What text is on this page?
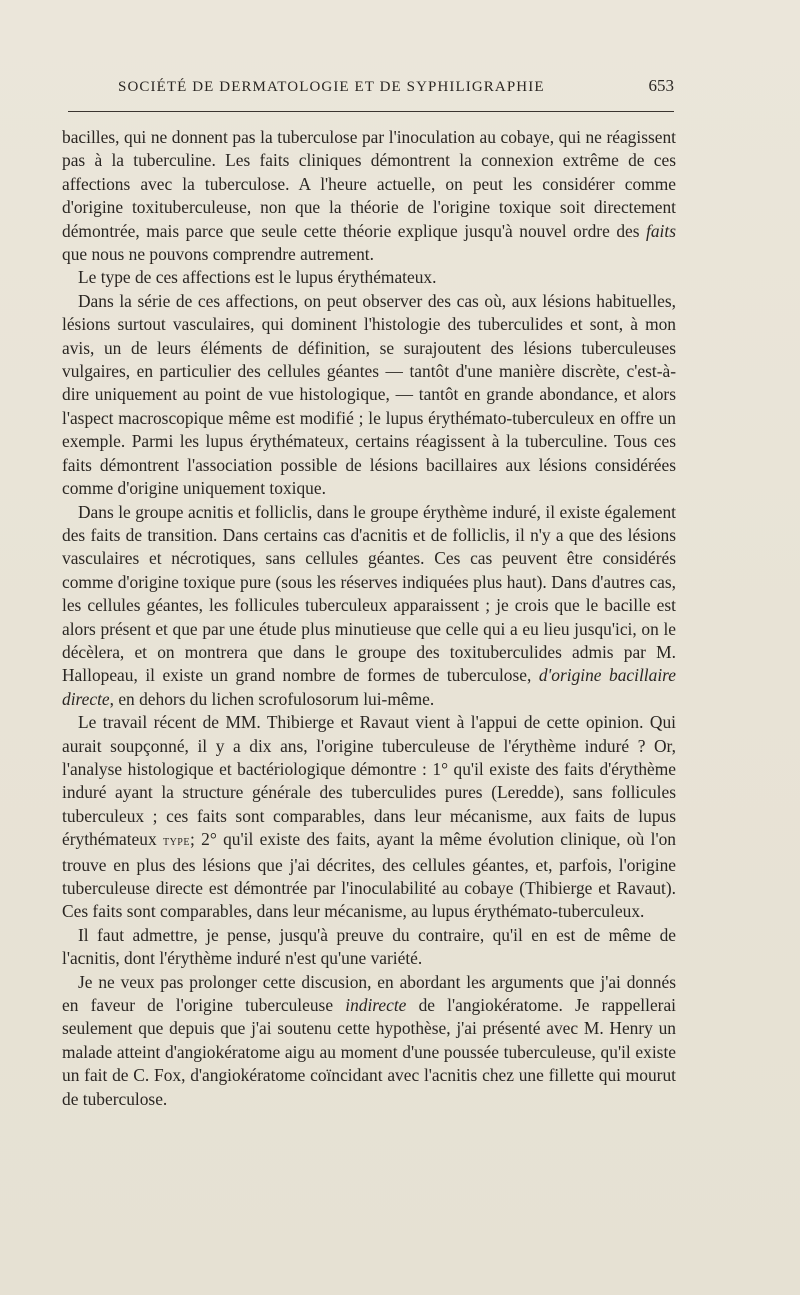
SOCIÉTÉ DE DERMATOLOGIE ET DE SYPHILIGRAPHIE	653

bacilles, qui ne donnent pas la tuberculose par l'inoculation au cobaye, qui ne réagissent pas à la tuberculine. Les faits cliniques démontrent la connexion extrême de ces affections avec la tuberculose. A l'heure actuelle, on peut les considérer comme d'origine toxituberculeuse, non que la théorie de l'origine toxique soit directement démontrée, mais parce que seule cette théorie explique jusqu'à nouvel ordre des faits que nous ne pouvons comprendre autrement.

Le type de ces affections est le lupus érythémateux.

Dans la série de ces affections, on peut observer des cas où, aux lésions habituelles, lésions surtout vasculaires, qui dominent l'histologie des tuberculides et sont, à mon avis, un de leurs éléments de définition, se surajoutent des lésions tuberculeuses vulgaires, en particulier des cellules géantes — tantôt d'une manière discrète, c'est-à-dire uniquement au point de vue histologique, — tantôt en grande abondance, et alors l'aspect macroscopique même est modifié ; le lupus érythémato-tuberculeux en offre un exemple. Parmi les lupus érythémateux, certains réagissent à la tuberculine. Tous ces faits démontrent l'association possible de lésions bacillaires aux lésions considérées comme d'origine uniquement toxique.

Dans le groupe acnitis et folliclis, dans le groupe érythème induré, il existe également des faits de transition. Dans certains cas d'acnitis et de folliclis, il n'y a que des lésions vasculaires et nécrotiques, sans cellules géantes. Ces cas peuvent être considérés comme d'origine toxique pure (sous les réserves indiquées plus haut). Dans d'autres cas, les cellules géantes, les follicules tuberculeux apparaissent ; je crois que le bacille est alors présent et que par une étude plus minutieuse que celle qui a eu lieu jusqu'ici, on le décèlera, et on montrera que dans le groupe des toxituberculides admis par M. Hallopeau, il existe un grand nombre de formes de tuberculose, d'origine bacillaire directe, en dehors du lichen scrofulosorum lui-même.

Le travail récent de MM. Thibierge et Ravaut vient à l'appui de cette opinion. Qui aurait soupçonné, il y a dix ans, l'origine tuberculeuse de l'érythème induré ? Or, l'analyse histologique et bactériologique démontre : 1° qu'il existe des faits d'érythème induré ayant la structure générale des tuberculides pures (Leredde), sans follicules tuberculeux ; ces faits sont comparables, dans leur mécanisme, aux faits de lupus érythémateux type; 2° qu'il existe des faits, ayant la même évolution clinique, où l'on trouve en plus des lésions que j'ai décrites, des cellules géantes, et, parfois, l'origine tuberculeuse directe est démontrée par l'inoculabilité au cobaye (Thibierge et Ravaut). Ces faits sont comparables, dans leur mécanisme, au lupus érythémato-tuberculeux.

Il faut admettre, je pense, jusqu'à preuve du contraire, qu'il en est de même de l'acnitis, dont l'érythème induré n'est qu'une variété.

Je ne veux pas prolonger cette discusion, en abordant les arguments que j'ai donnés en faveur de l'origine tuberculeuse indirecte de l'angiokératome. Je rappellerai seulement que depuis que j'ai soutenu cette hypothèse, j'ai présenté avec M. Henry un malade atteint d'angiokératome aigu au moment d'une poussée tuberculeuse, qu'il existe un fait de C. Fox, d'angiokératome coïncidant avec l'acnitis chez une fillette qui mourut de tuberculose.
